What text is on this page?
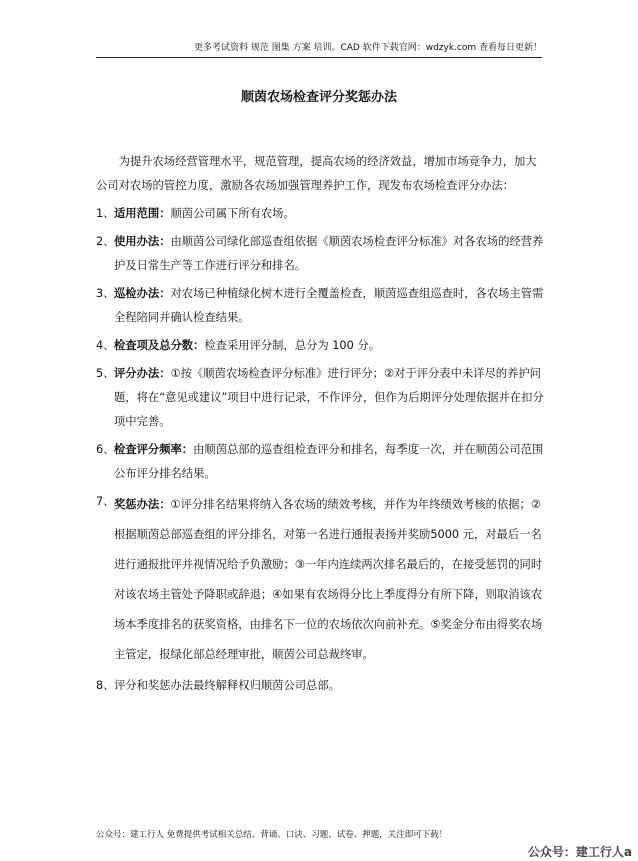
更多考试资料 规范 图集 方案 培训。CAD 软件下载官网：wdzyk.com 查看每日更新！
顺茵农场检查评分奖惩办法

为提升农场经营管理水平，规范管理，提高农场的经济效益，增加市场竞争力，加大公司对农场的管控力度，激励各农场加强管理养护工作，现发布农场检查评分办法：

1、 适用范围：顺茵公司属下所有农场。
2、 使用办法：由顺茵公司绿化部巡查组依据《顺茵农场检查评分标准》对各农场的经营养护及日常生产等工作进行评分和排名。
3、 巡检办法：对农场已种植绿化树木进行全覆盖检查，顺茵巡查组巡查时，各农场主管需全程陪同并确认检查结果。
4、 检查项及总分数：检查采用评分制，总分为 100 分。
5、 评分办法：①按《顺茵农场检查评分标准》进行评分；②对于评分表中未详尽的养护问题，将在“意见或建议”项目中进行记录，不作评分，但作为后期评分处理依据并在扣分项中完善。
6、 检查评分频率：由顺茵总部的巡查组检查评分和排名，每季度一次，并在顺茵公司范围公布评分排名结果。
7、 奖惩办法：①评分排名结果将纳入各农场的绩效考核，并作为年终绩效考核的依据；②根据顺茵总部巡查组的评分排名，对第一名进行通报表扬并奖励5000 元，对最后一名进行通报批评并视情况给予负激励；③一年内连续两次排名最后的，在接受惩罚的同时对该农场主管处予降职或辞退；④如果有农场得分比上季度得分有所下降，则取消该农场本季度排名的获奖资格，由排名下一位的农场依次向前补充。⑤奖金分布由得奖农场主管定，报绿化部总经理审批，顺茵公司总裁终审。
8、 评分和奖惩办法最终解释权归顺茵公司总部。
公众号：建工行人 免费提供考试相关总结、背诵、口诀、习题、试卷、押题，关注即可下载！
公众号：建工行人a
